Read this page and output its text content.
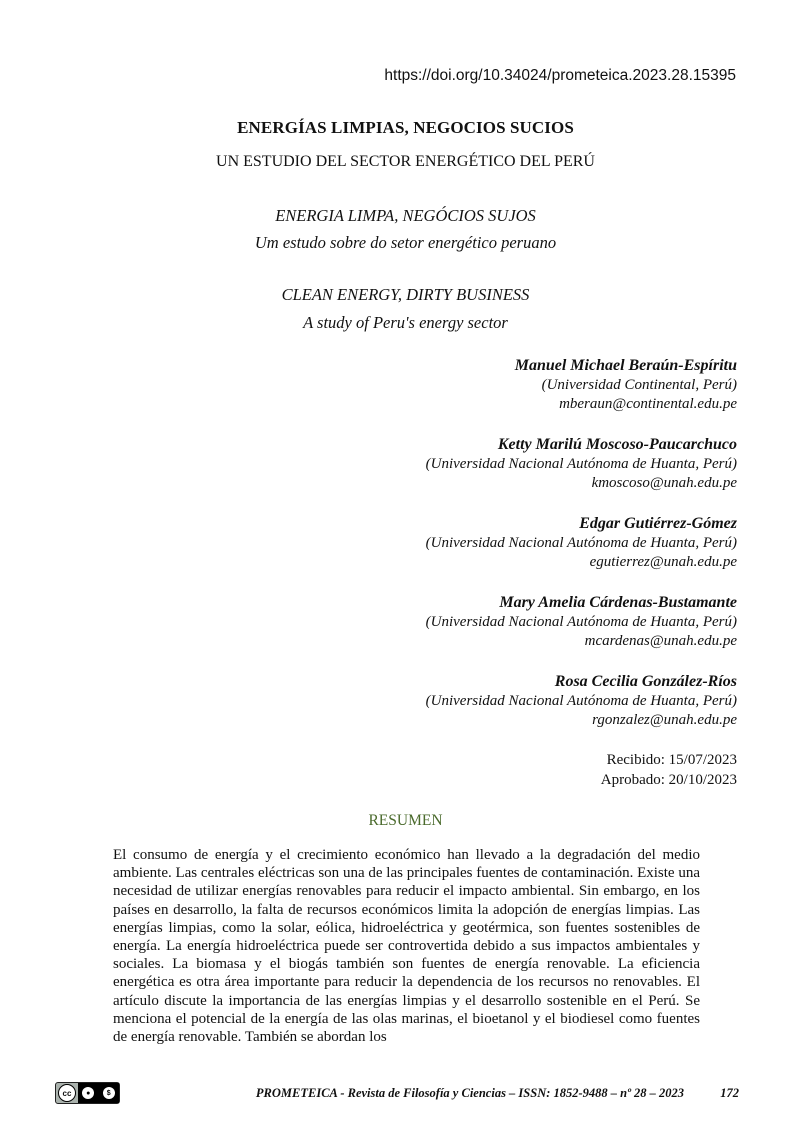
https://doi.org/10.34024/prometeica.2023.28.15395
ENERGÍAS LIMPIAS, NEGOCIOS SUCIOS
UN ESTUDIO DEL SECTOR ENERGÉTICO DEL PERÚ
ENERGIA LIMPA, NEGÓCIOS SUJOS
Um estudo sobre do setor energético peruano
CLEAN ENERGY, DIRTY BUSINESS
A study of Peru's energy sector
Manuel Michael Beraún-Espíritu
(Universidad Continental, Perú)
mberaun@continental.edu.pe
Ketty Marilú Moscoso-Paucarchuco
(Universidad Nacional Autónoma de Huanta, Perú)
kmoscoso@unah.edu.pe
Edgar Gutiérrez-Gómez
(Universidad Nacional Autónoma de Huanta, Perú)
egutierrez@unah.edu.pe
Mary Amelia Cárdenas-Bustamante
(Universidad Nacional Autónoma de Huanta, Perú)
mcardenas@unah.edu.pe
Rosa Cecilia González-Ríos
(Universidad Nacional Autónoma de Huanta, Perú)
rgonzalez@unah.edu.pe
Recibido: 15/07/2023
Aprobado: 20/10/2023
RESUMEN
El consumo de energía y el crecimiento económico han llevado a la degradación del medio ambiente. Las centrales eléctricas son una de las principales fuentes de contaminación. Existe una necesidad de utilizar energías renovables para reducir el impacto ambiental. Sin embargo, en los países en desarrollo, la falta de recursos económicos limita la adopción de energías limpias. Las energías limpias, como la solar, eólica, hidroeléctrica y geotérmica, son fuentes sostenibles de energía. La energía hidroeléctrica puede ser controvertida debido a sus impactos ambientales y sociales. La biomasa y el biogás también son fuentes de energía renovable. La eficiencia energética es otra área importante para reducir la dependencia de los recursos no renovables. El artículo discute la importancia de las energías limpias y el desarrollo sostenible en el Perú. Se menciona el potencial de la energía de las olas marinas, el bioetanol y el biodiesel como fuentes de energía renovable. También se abordan los
cc	●	$	PROMETEICA - Revista de Filosofía y Ciencias – ISSN: 1852-9488 – nº 28 – 2023	172
